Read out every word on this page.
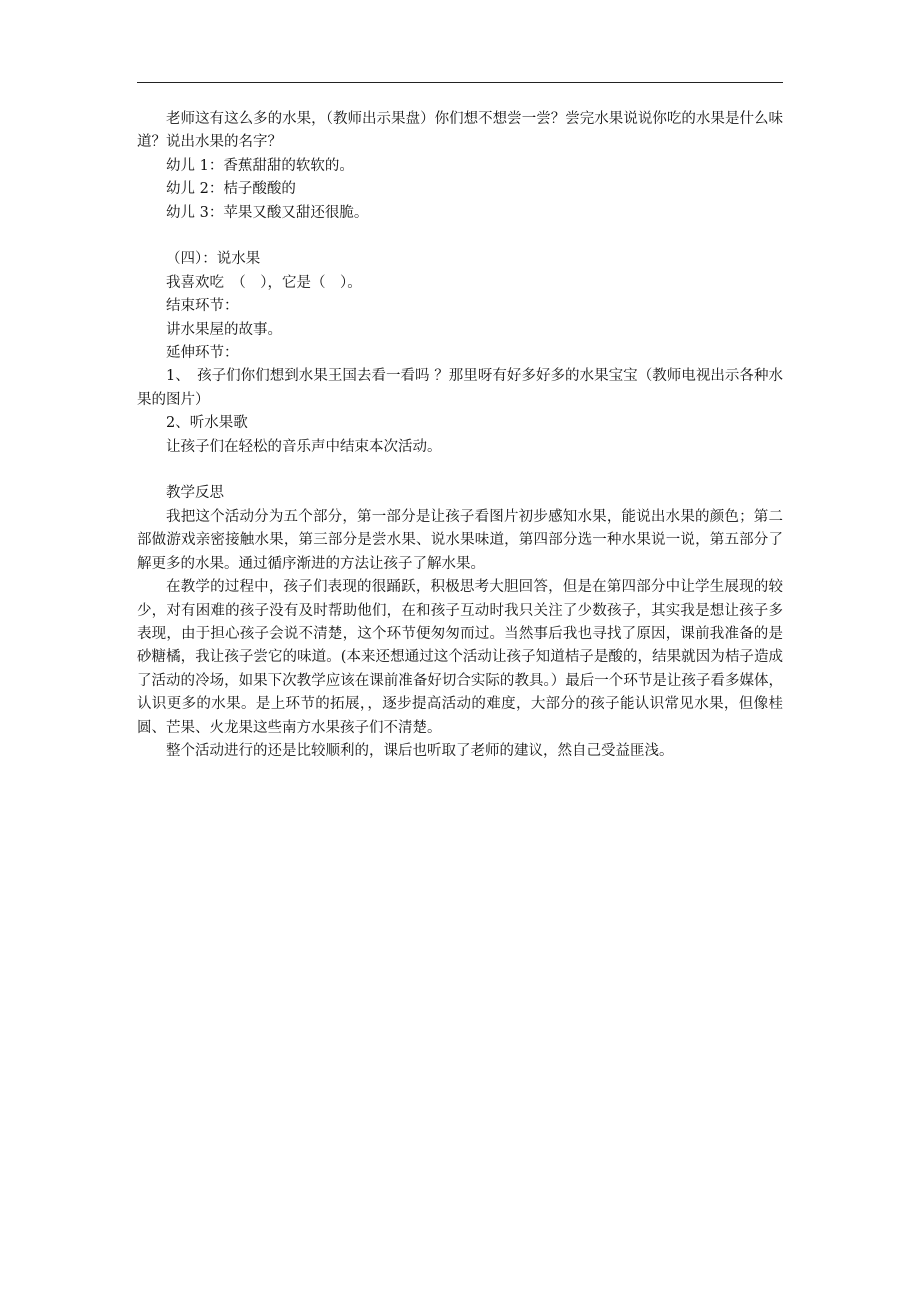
老师这有这么多的水果，（教师出示果盘）你们想不想尝一尝？尝完水果说说你吃的水果是什么味道？说出水果的名字？

幼儿 1：香蕉甜甜的软软的。

幼儿 2：桔子酸酸的

幼儿 3：苹果又酸又甜还很脆。

（四）：说水果

我喜欢吃　（　），它是（　）。

结束环节：

讲水果屋的故事。

延伸环节：

1、　孩子们你们想到水果王国去看一看吗 ？那里呀有好多好多的水果宝宝（教师电视出示各种水果的图片）

2、听水果歌

让孩子们在轻松的音乐声中结束本次活动。

教学反思

我把这个活动分为五个部分，第一部分是让孩子看图片初步感知水果，能说出水果的颜色；第二部做游戏亲密接触水果，第三部分是尝水果、说水果味道，第四部分选一种水果说一说，第五部分了解更多的水果。通过循序渐进的方法让孩子了解水果。

在教学的过程中，孩子们表现的很踊跃，积极思考大胆回答，但是在第四部分中让学生展现的较少，对有困难的孩子没有及时帮助他们，在和孩子互动时我只关注了少数孩子，其实我是想让孩子多表现，由于担心孩子会说不清楚，这个环节便匆匆而过。当然事后我也寻找了原因，课前我准备的是砂糖橘，我让孩子尝它的味道。(本来还想通过这个活动让孩子知道桔子是酸的，结果就因为桔子造成了活动的冷场，如果下次教学应该在课前准备好切合实际的教具。）最后一个环节是让孩子看多媒体，认识更多的水果。是上环节的拓展，，逐步提高活动的难度，大部分的孩子能认识常见水果，但像桂圆、芒果、火龙果这些南方水果孩子们不清楚。

整个活动进行的还是比较顺利的，课后也听取了老师的建议，然自己受益匪浅。
